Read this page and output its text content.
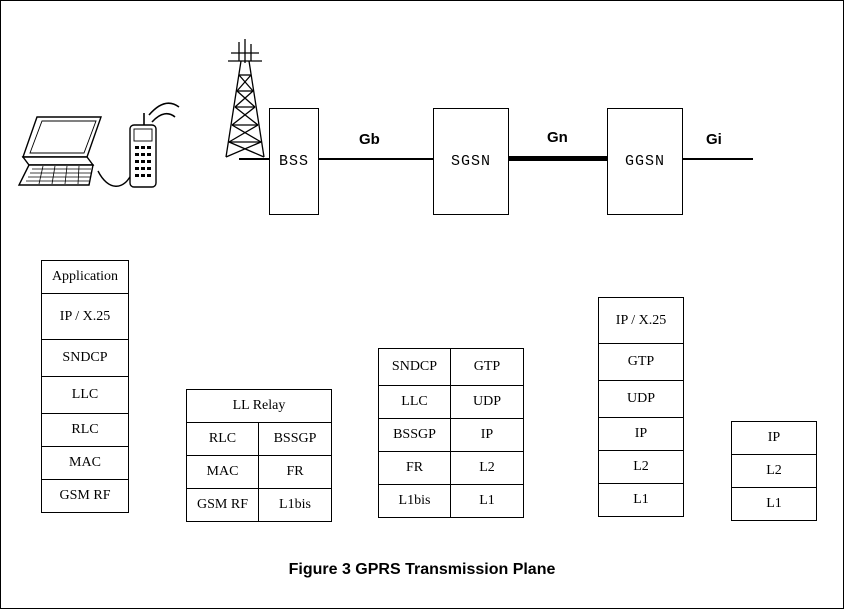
Gb	Gn	Gi
BSS	SGSN	GGSN
Application
IP / X.25
SNDCP
LLC
RLC
MAC
GSM RF
LL Relay
RLC	BSSGP
MAC	FR
GSM RF	L1bis
SNDCP	GTP
LLC	UDP
BSSGP	IP
FR	L2
L1bis	L1
IP / X.25
GTP
UDP
IP
L2
L1
IP
L2
L1
Figure 3 GPRS Transmission Plane
